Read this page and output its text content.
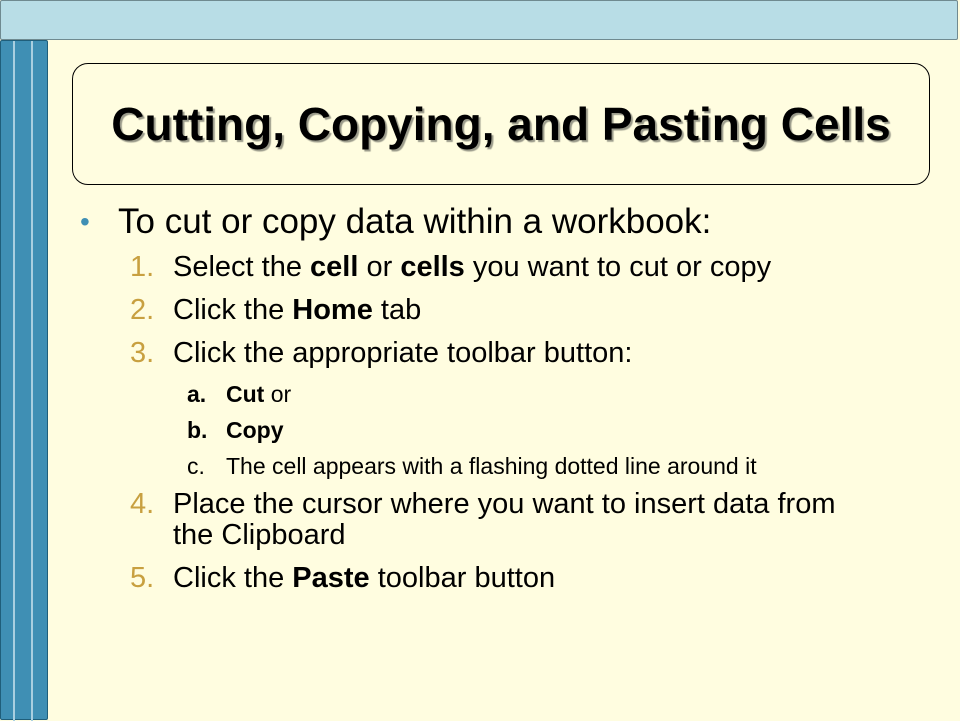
Cutting, Copying, and Pasting Cells
• To cut or copy data within a workbook:
1. Select the cell or cells you want to cut or copy
2. Click the Home tab
3. Click the appropriate toolbar button:
a. Cut or
b. Copy
c. The cell appears with a flashing dotted line around it
4. Place the cursor where you want to insert data from the Clipboard
5. Click the Paste toolbar button
